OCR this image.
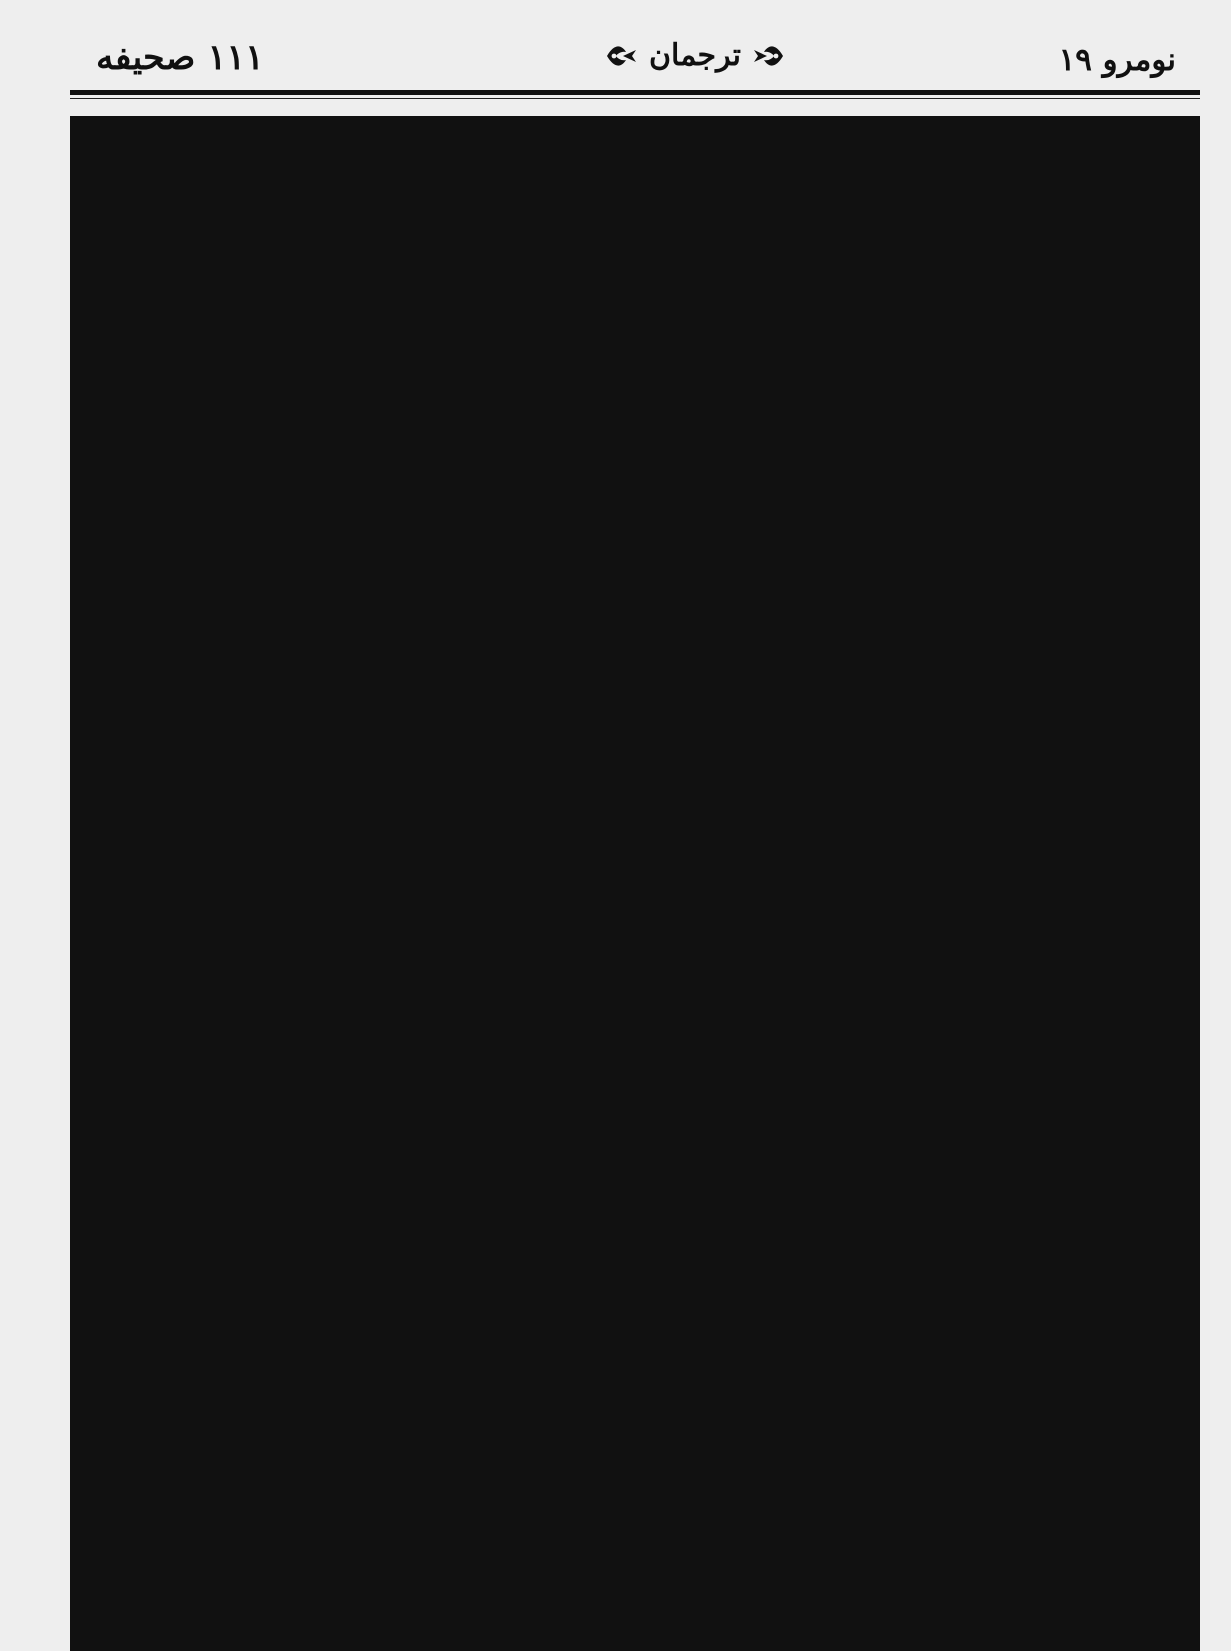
١١١ صحيفه	ترجمان	نومرو ١٩
